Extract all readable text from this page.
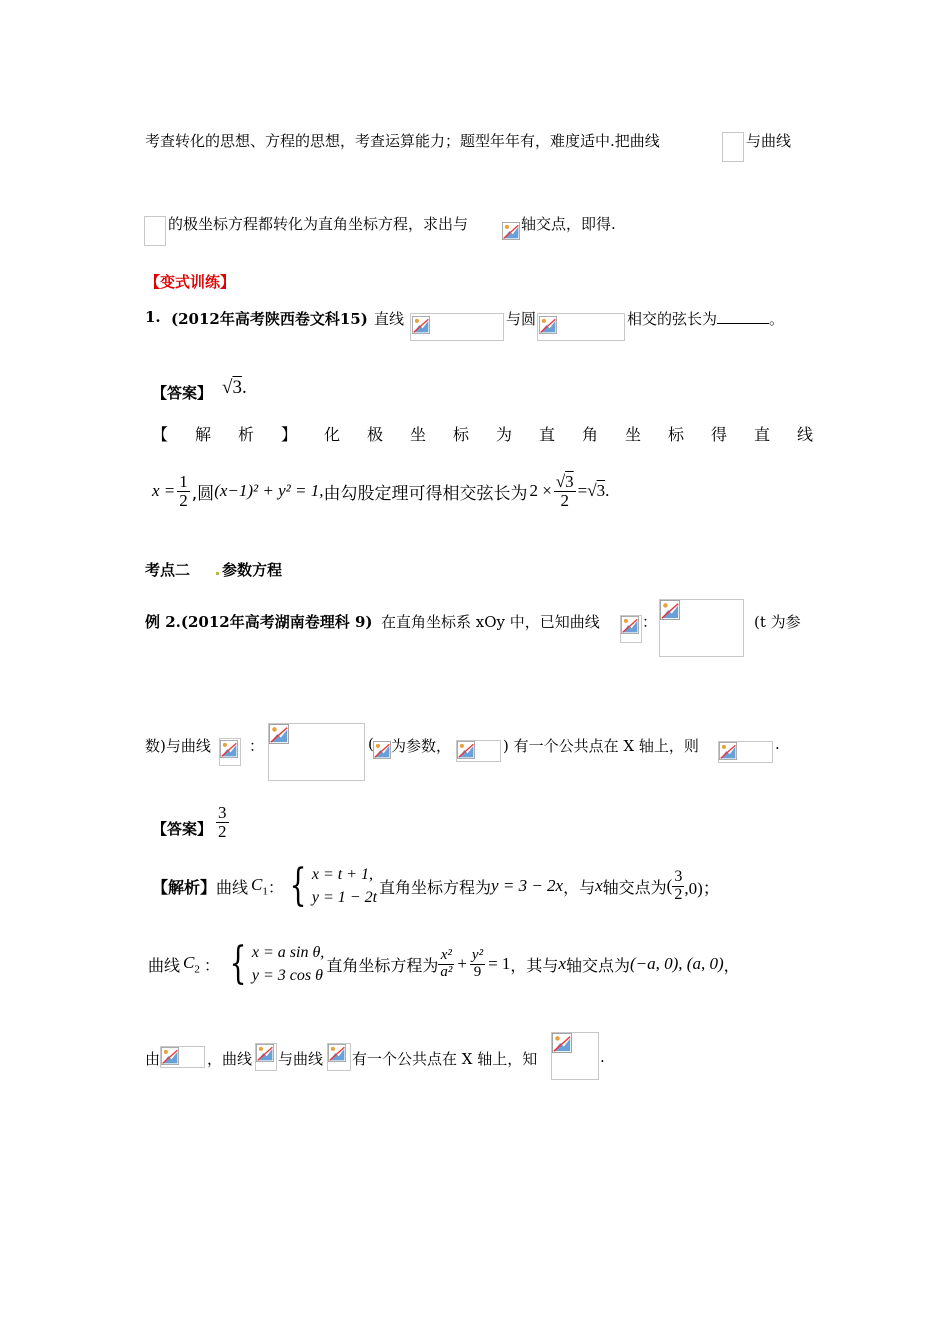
考查转化的思想、方程的思想，考查运算能力；题型年年有，难度适中.把曲线	与曲线
的极坐标方程都转化为直角坐标方程，求出与	轴交点，即得.
【变式训练】
1. (2012年高考陕西卷文科15) 直线	与圆	相交的弦长为	。
【答案】 √3.
【 解 析 】 化 极 坐 标 为 直 角 坐 标 得 直 线
$x = \frac{1}{2}$ ,圆 (x−1)² + y² = 1, 由勾股定理可得相交弦长为 $2 \times \frac{√3}{2} = √3$.
考点二 参数方程
例 2.(2012年高考湖南卷理科 9) 在直角坐标系 xOy 中，已知曲线	：	(t 为参
数)与曲线	：	( 为参数，	) 有一个公共点在 X 轴上，则	.
【答案】 $\frac{3}{2}$
【解析】 曲线 $C_1$ ： { x = t + 1,
y = 1 − 2t
直角坐标方程为 y = 3 − 2x ，与 x 轴交点为 ( $\frac{3}{2} ,0$)；
曲线 $C_2$ ： { x = a sin θ,
y = 3 cos θ
直角坐标方程为 $\frac{\text{x²}}{\text{a²}} + \frac{\text{y²}}{9} = 1$ ，其与 x 轴交点为 (−a, 0), (a, 0) ，
由	，曲线 与曲线 有一个公共点在 X 轴上，知	.
